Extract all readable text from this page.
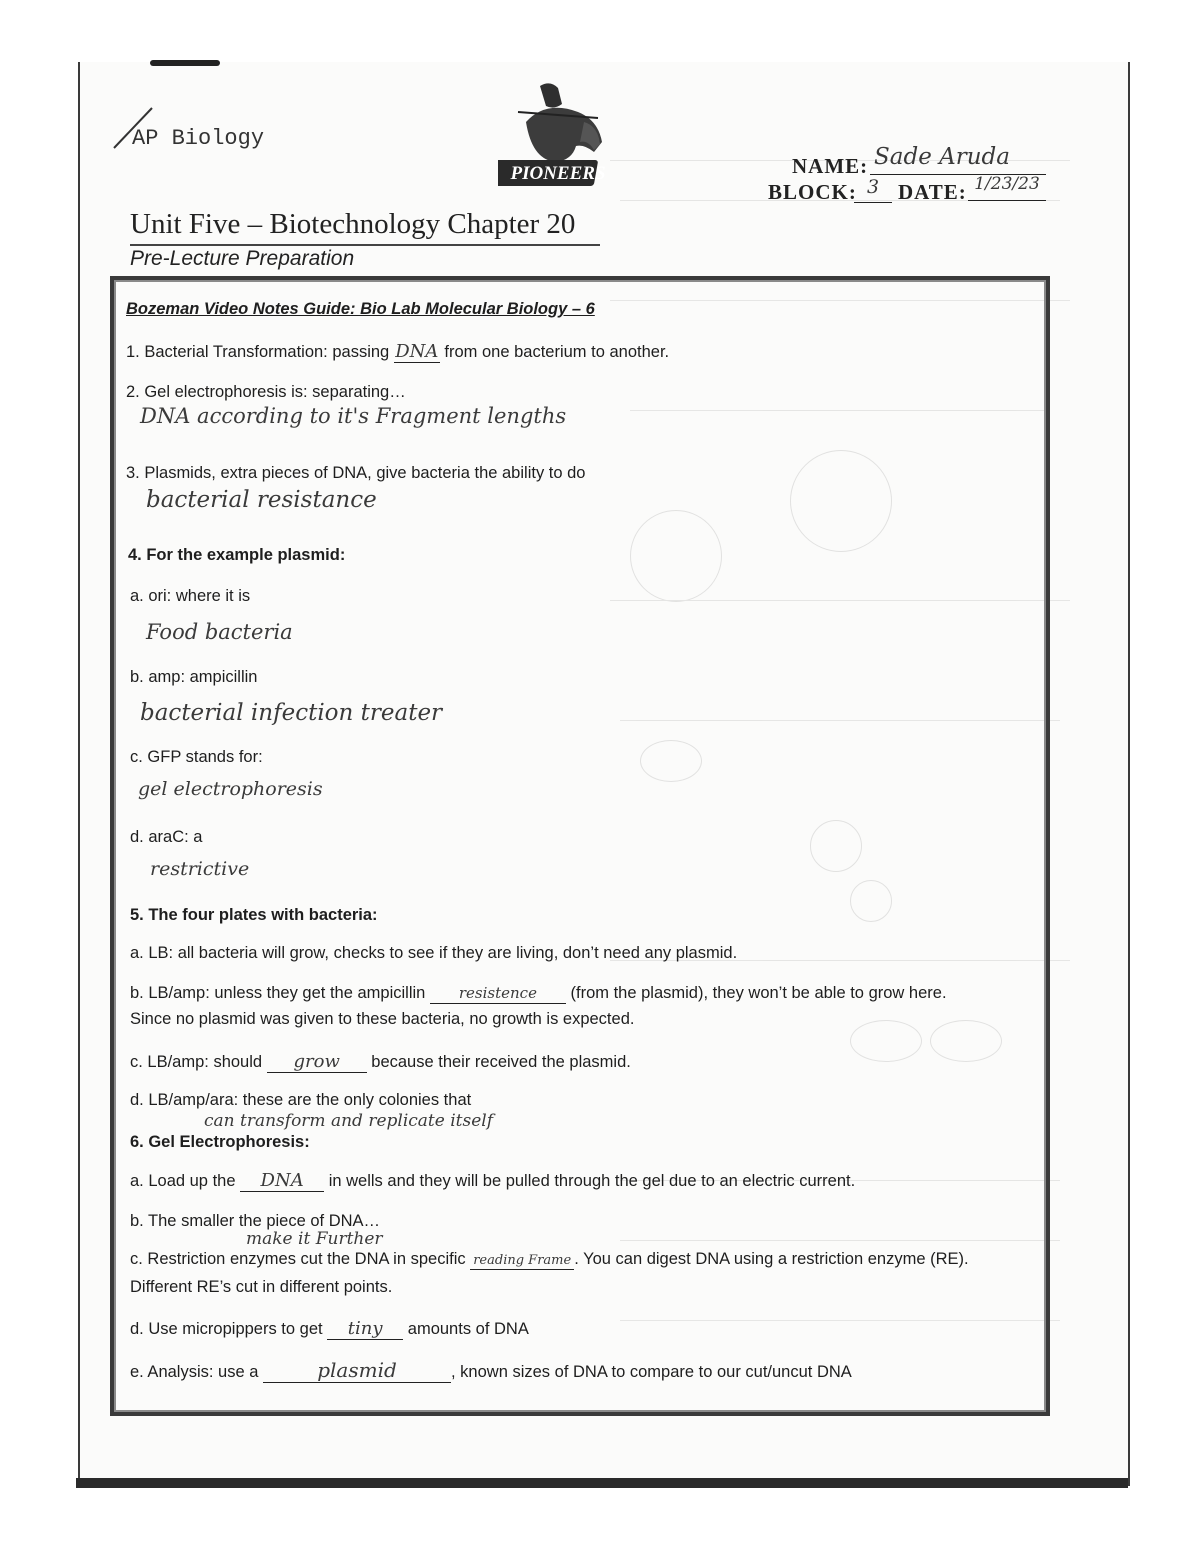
AP Biology
PIONEERS	NAME: Sade Aruda
BLOCK: 3 DATE: 1/23/23
Unit Five – Biotechnology Chapter 20
Pre-Lecture Preparation
Bozeman Video Notes Guide: Bio Lab Molecular Biology – 6
1. Bacterial Transformation: passing DNA from one bacterium to another.
2. Gel electrophoresis is: separating…
DNA according to it's Fragment lengths
3. Plasmids, extra pieces of DNA, give bacteria the ability to do
bacterial resistance
4. For the example plasmid:
a. ori: where it is
Food bacteria
b. amp: ampicillin
bacterial infection treater
c. GFP stands for:
gel electrophoresis
d. araC: a
restrictive
5. The four plates with bacteria:
a. LB: all bacteria will grow, checks to see if they are living, don’t need any plasmid.
b. LB/amp: unless they get the ampicillin resistence (from the plasmid), they won’t be able to grow here.
Since no plasmid was given to these bacteria, no growth is expected.
c. LB/amp: should grow because their received the plasmid.
d. LB/amp/ara: these are the only colonies that
can transform and replicate itself
6. Gel Electrophoresis:
a. Load up the DNA in wells and they will be pulled through the gel due to an electric current.
b. The smaller the piece of DNA…
make it Further
c. Restriction enzymes cut the DNA in specific reading Frame . You can digest DNA using a restriction enzyme (RE).
Different RE’s cut in different points.
d. Use micropippers to get tiny amounts of DNA
e. Analysis: use a	plasmid	, known sizes of DNA to compare to our cut/uncut DNA
